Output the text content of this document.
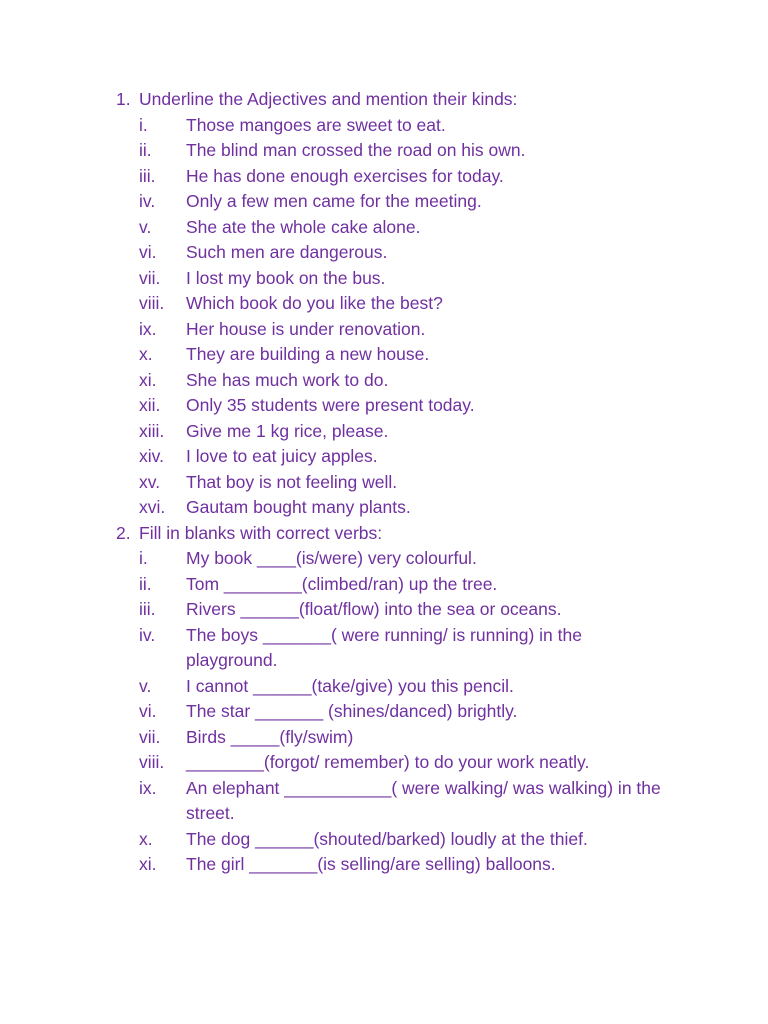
1. Underline the Adjectives and mention their kinds:
i. Those mangoes are sweet to eat.
ii. The blind man crossed the road on his own.
iii. He has done enough exercises for today.
iv. Only a few men came for the meeting.
v. She ate the whole cake alone.
vi. Such men are dangerous.
vii. I lost my book on the bus.
viii. Which book do you like the best?
ix. Her house is under renovation.
x. They are building a new house.
xi. She has much work to do.
xii. Only 35 students were present today.
xiii. Give me 1 kg rice, please.
xiv. I love to eat juicy apples.
xv. That boy is not feeling well.
xvi. Gautam bought many plants.
2. Fill in blanks with correct verbs:
i. My book ____(is/were) very colourful.
ii. Tom ________(climbed/ran) up the tree.
iii. Rivers ______(float/flow) into the sea or oceans.
iv. The boys _______( were running/ is running) in the playground.
v. I cannot ______(take/give) you this pencil.
vi. The star _______ (shines/danced) brightly.
vii. Birds _____(fly/swim)
viii. ________(forgot/ remember) to do your work neatly.
ix. An elephant ___________( were walking/ was walking) in the street.
x. The dog ______(shouted/barked) loudly at the thief.
xi. The girl _______(is selling/are selling) balloons.
